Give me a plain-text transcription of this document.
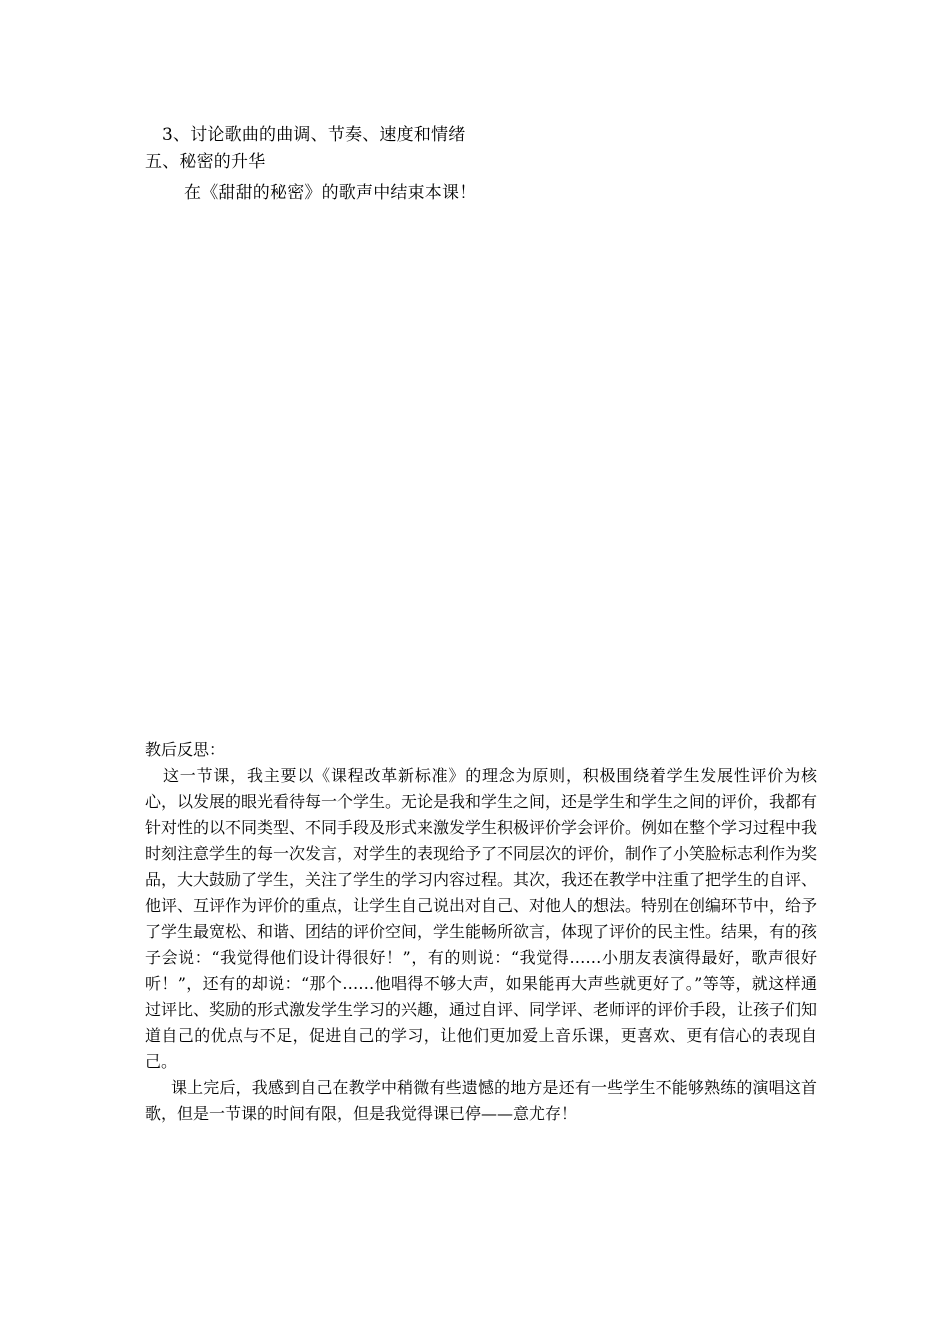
3、讨论歌曲的曲调、节奏、速度和情绪
五、秘密的升华
在《甜甜的秘密》的歌声中结束本课！

教后反思：

这一节课，我主要以《课程改革新标准》的理念为原则，积极围绕着学生发展性评价为核心，以发展的眼光看待每一个学生。无论是我和学生之间，还是学生和学生之间的评价，我都有针对性的以不同类型、不同手段及形式来激发学生积极评价学会评价。例如在整个学习过程中我时刻注意学生的每一次发言，对学生的表现给予了不同层次的评价，制作了小笑脸标志利作为奖品，大大鼓励了学生，关注了学生的学习内容过程。其次，我还在教学中注重了把学生的自评、他评、互评作为评价的重点，让学生自己说出对自己、对他人的想法。特别在创编环节中，给予了学生最宽松、和谐、团结的评价空间，学生能畅所欲言，体现了评价的民主性。结果，有的孩子会说：“我觉得他们设计得很好！”，有的则说：“我觉得……小朋友表演得最好，歌声很好听！”，还有的却说：“那个……他唱得不够大声，如果能再大声些就更好了。”等等，就这样通过评比、奖励的形式激发学生学习的兴趣，通过自评、同学评、老师评的评价手段，让孩子们知道自己的优点与不足，促进自己的学习，让他们更加爱上音乐课，更喜欢、更有信心的表现自己。

课上完后，我感到自己在教学中稍微有些遗憾的地方是还有一些学生不能够熟练的演唱这首歌，但是一节课的时间有限，但是我觉得课已停——意尤存！
